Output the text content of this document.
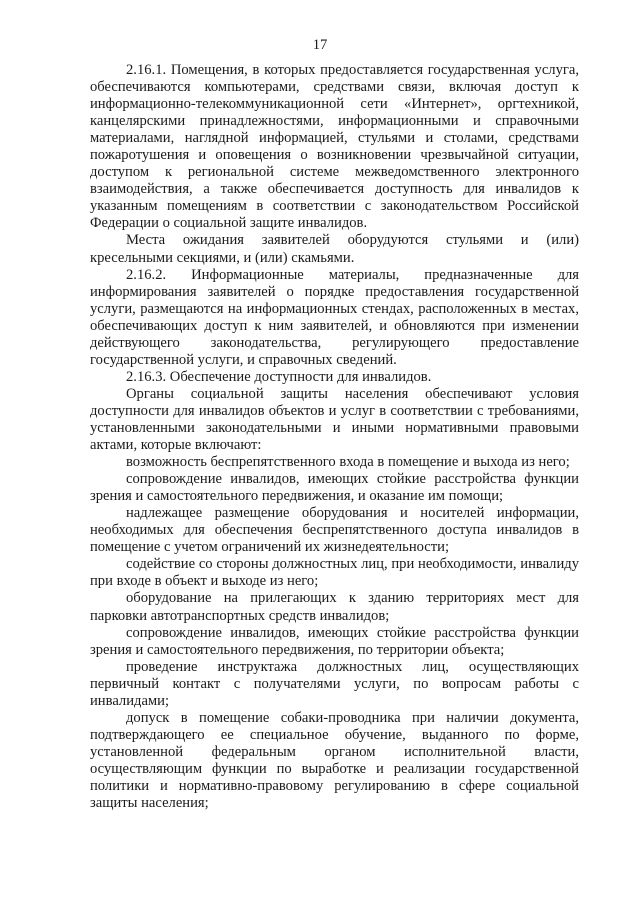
17

2.16.1. Помещения, в которых предоставляется государственная услуга, обеспечиваются компьютерами, средствами связи, включая доступ к информационно-телекоммуникационной сети «Интернет», оргтехникой, канцелярскими принадлежностями, информационными и справочными материалами, наглядной информацией, стульями и столами, средствами пожаротушения и оповещения о возникновении чрезвычайной ситуации, доступом к региональной системе межведомственного электронного взаимодействия, а также обеспечивается доступность для инвалидов к указанным помещениям в соответствии с законодательством Российской Федерации о социальной защите инвалидов.

Места ожидания заявителей оборудуются стульями и (или) кресельными секциями, и (или) скамьями.

2.16.2. Информационные материалы, предназначенные для информирования заявителей о порядке предоставления государственной услуги, размещаются на информационных стендах, расположенных в местах, обеспечивающих доступ к ним заявителей, и обновляются при изменении действующего законодательства, регулирующего предоставление государственной услуги, и справочных сведений.

2.16.3. Обеспечение доступности для инвалидов.

Органы социальной защиты населения обеспечивают условия доступности для инвалидов объектов и услуг в соответствии с требованиями, установленными законодательными и иными нормативными правовыми актами, которые включают:

возможность беспрепятственного входа в помещение и выхода из него;

сопровождение инвалидов, имеющих стойкие расстройства функции зрения и самостоятельного передвижения, и оказание им помощи;

надлежащее размещение оборудования и носителей информации, необходимых для обеспечения беспрепятственного доступа инвалидов в помещение с учетом ограничений их жизнедеятельности;

содействие со стороны должностных лиц, при необходимости, инвалиду при входе в объект и выходе из него;

оборудование на прилегающих к зданию территориях мест для парковки автотранспортных средств инвалидов;

сопровождение инвалидов, имеющих стойкие расстройства функции зрения и самостоятельного передвижения, по территории объекта;

проведение инструктажа должностных лиц, осуществляющих первичный контакт с получателями услуги, по вопросам работы с инвалидами;

допуск в помещение собаки-проводника при наличии документа, подтверждающего ее специальное обучение, выданного по форме, установленной федеральным органом исполнительной власти, осуществляющим функции по выработке и реализации государственной политики и нормативно-правовому регулированию в сфере социальной защиты населения;
